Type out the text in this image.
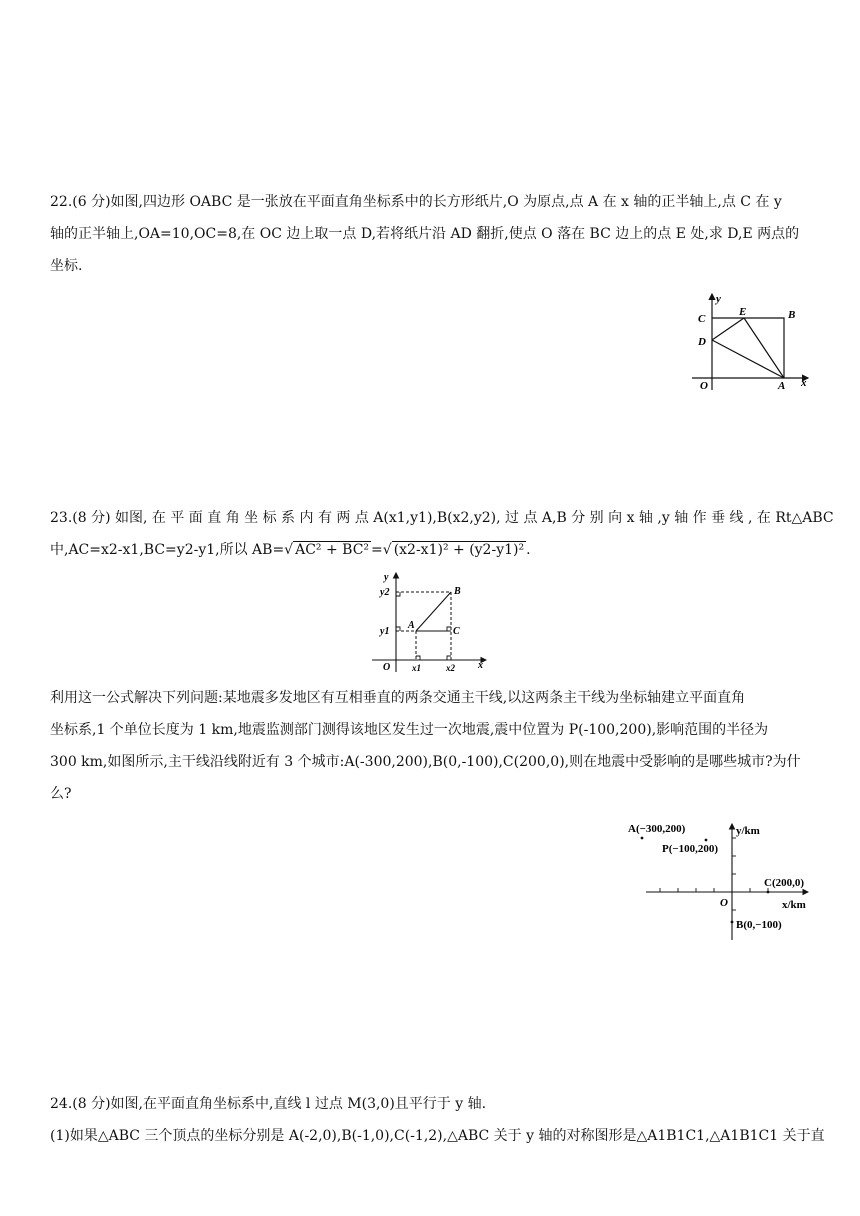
22.(6 分)如图,四边形 OABC 是一张放在平面直角坐标系中的长方形纸片,O 为原点,点 A 在 x 轴的正半轴上,点 C 在 y
轴的正半轴上,OA=10,OC=8,在 OC 边上取一点 D,若将纸片沿 AD 翻折,使点 O 落在 BC 边上的点 E 处,求 D,E 两点的
坐标.
y
C
E	B
D
O	A x
23.(8 分) 如图, 在 平 面 直 角 坐 标 系 内 有 两 点 A(x1,y1),B(x2,y2), 过 点 A,B 分 别 向 x 轴 ,y 轴 作 垂 线 , 在 Rt△ABC
中,AC=x2-x1,BC=y2-y1,所以 AB=√ AC² + BC² =√ (x2-x1)² + (y2-y1)² .
y
y2	B
y1
A
C
O x1	x2 x
利用这一公式解决下列问题:某地震多发地区有互相垂直的两条交通主干线,以这两条主干线为坐标轴建立平面直角
坐标系,1 个单位长度为 1 km,地震监测部门测得该地区发生过一次地震,震中位置为 P(-100,200),影响范围的半径为
300 km,如图所示,主干线沿线附近有 3 个城市:A(-300,200),B(0,-100),C(200,0),则在地震中受影响的是哪些城市?为什
么?
A(−300,200)	y/km
P(−100,200)
C(200,0)
x/km
O
B(0,−100)
24.(8 分)如图,在平面直角坐标系中,直线 l 过点 M(3,0)且平行于 y 轴.
(1)如果△ABC 三个顶点的坐标分别是 A(-2,0),B(-1,0),C(-1,2),△ABC 关于 y 轴的对称图形是△A1B1C1,△A1B1C1 关于直
